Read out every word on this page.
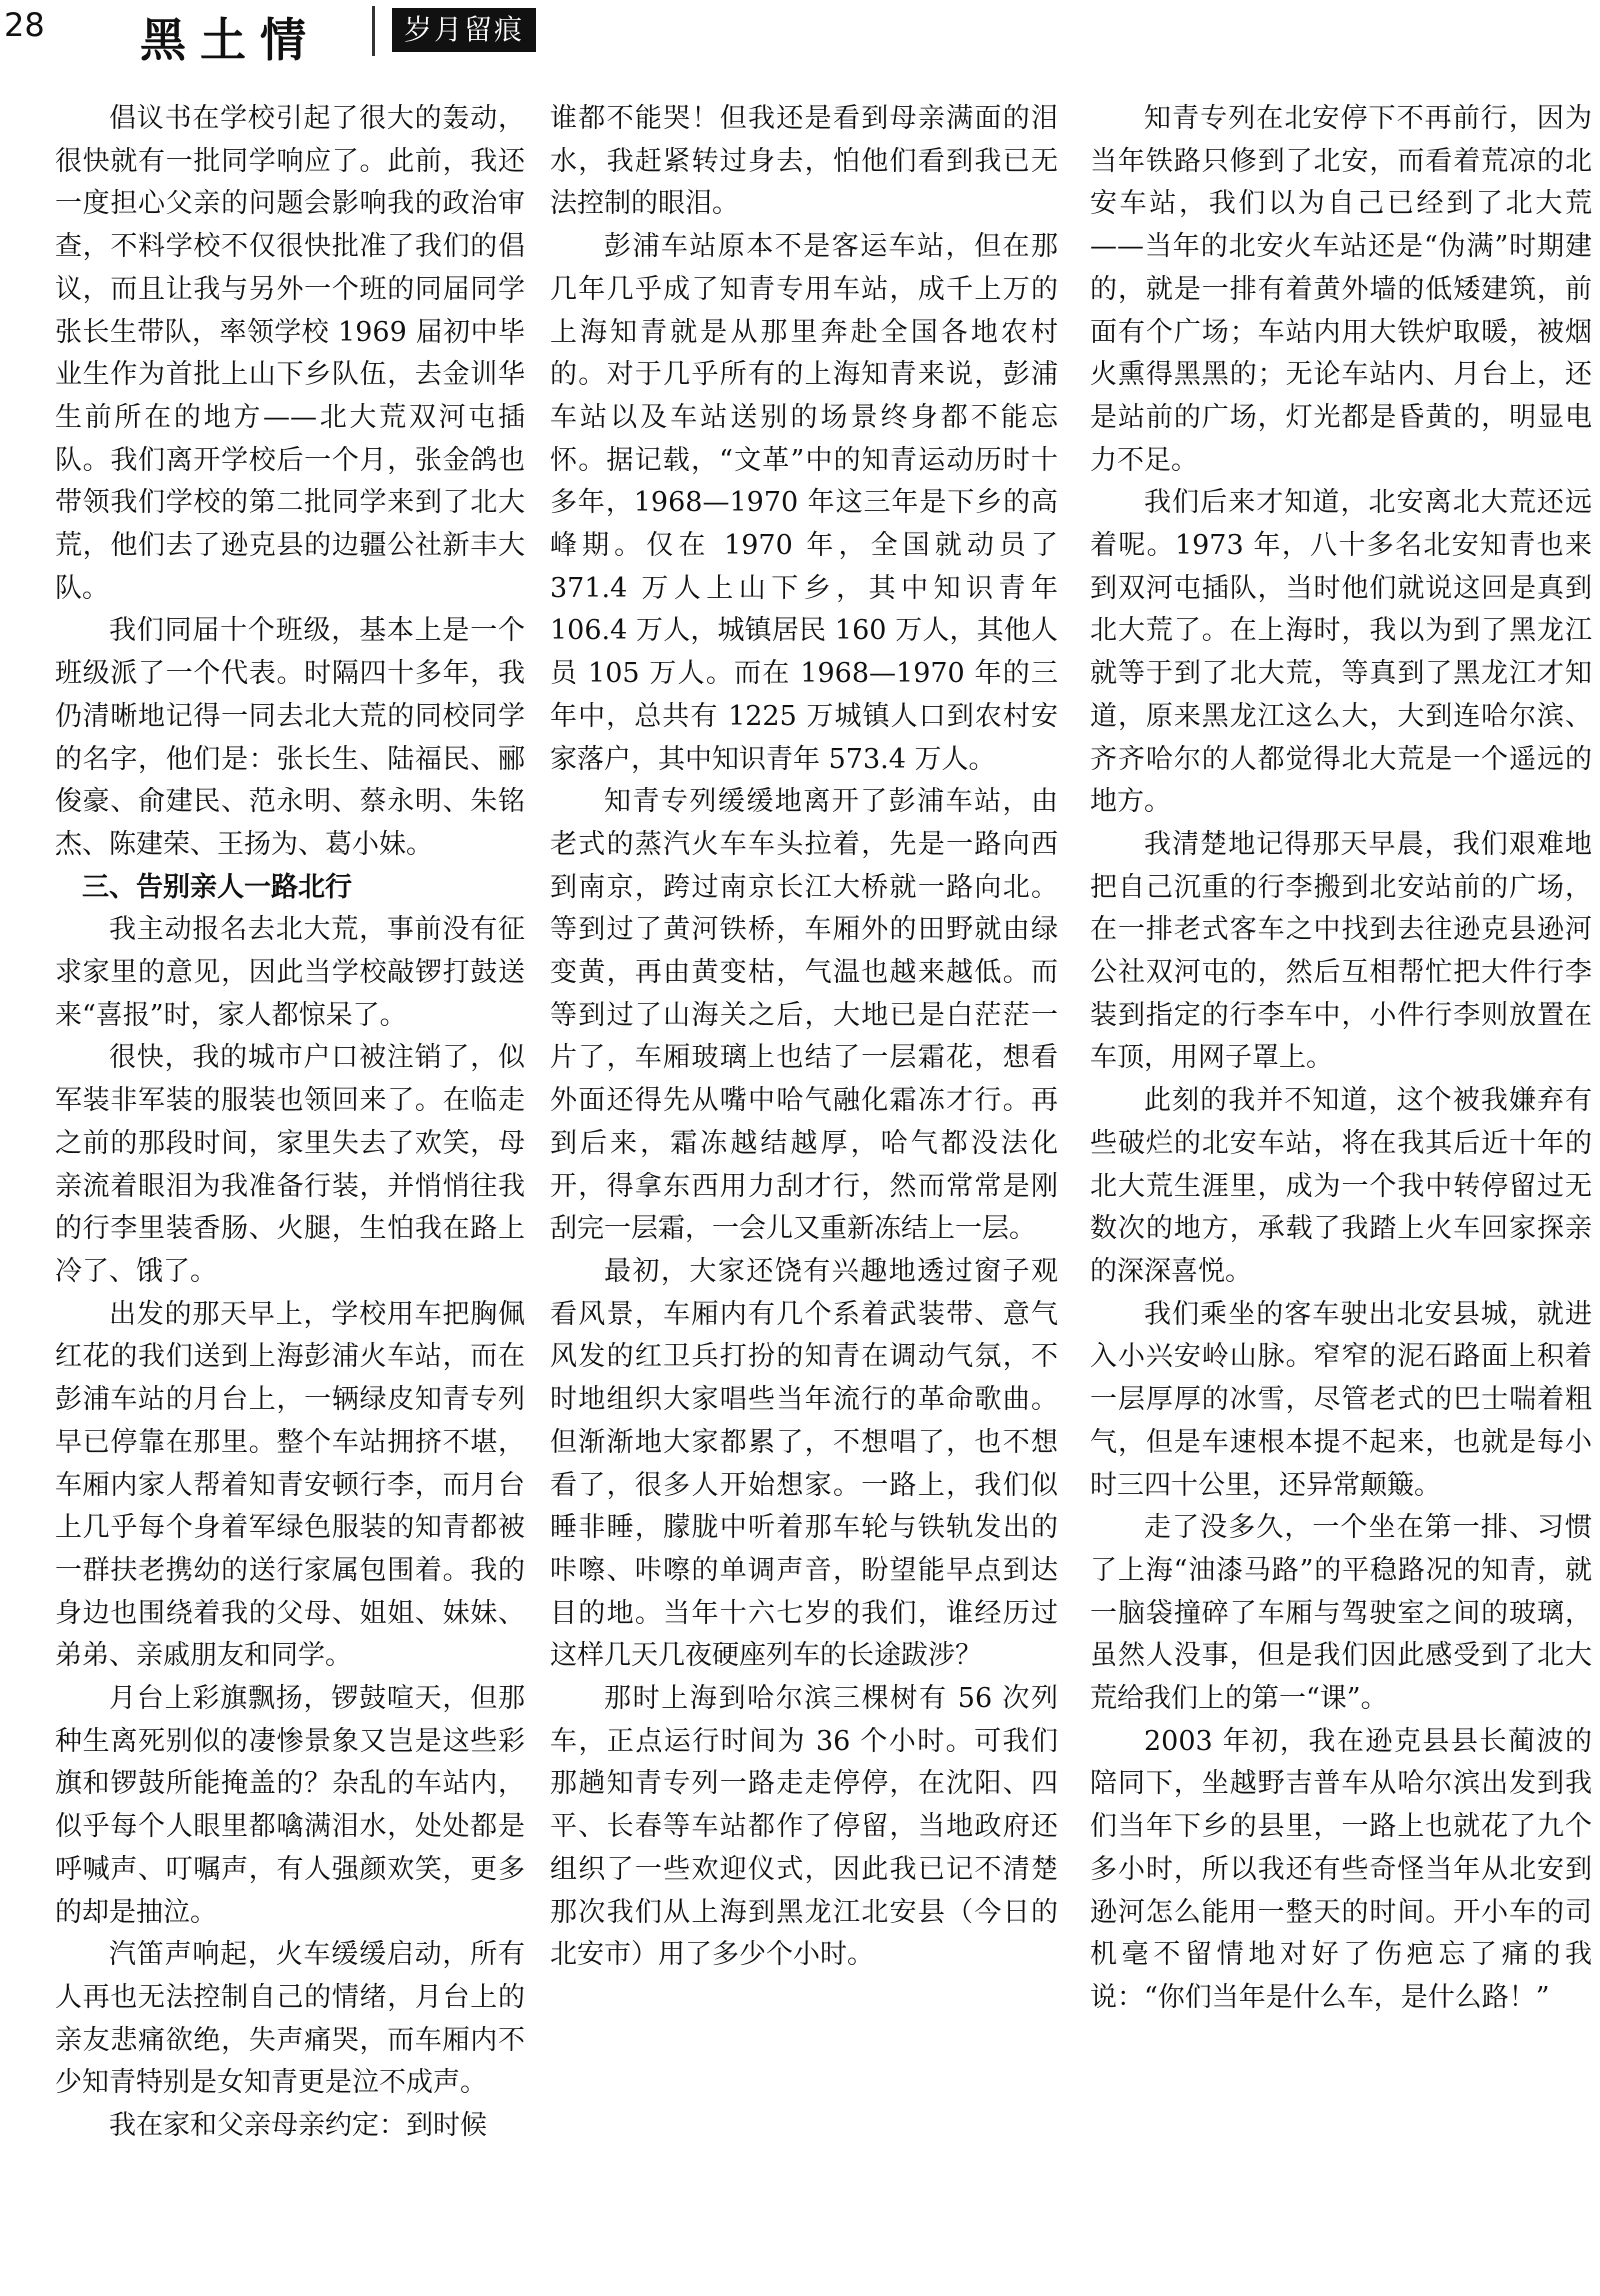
28 黑土情	岁月留痕

倡议书在学校引起了很大的轰动，很快就有一批同学响应了。此前，我还一度担心父亲的问题会影响我的政治审查，不料学校不仅很快批准了我们的倡议，而且让我与另外一个班的同届同学张长生带队，率领学校 1969 届初中毕业生作为首批上山下乡队伍，去金训华生前所在的地方——北大荒双河屯插队。我们离开学校后一个月，张金鸽也带领我们学校的第二批同学来到了北大荒，他们去了逊克县的边疆公社新丰大队。

我们同届十个班级，基本上是一个班级派了一个代表。时隔四十多年，我仍清晰地记得一同去北大荒的同校同学的名字，他们是：张长生、陆福民、郦俊豪、俞建民、范永明、蔡永明、朱铭杰、陈建荣、王扬为、葛小妹。

三、告别亲人一路北行

我主动报名去北大荒，事前没有征求家里的意见，因此当学校敲锣打鼓送来“喜报”时，家人都惊呆了。

很快，我的城市户口被注销了，似军装非军装的服装也领回来了。在临走之前的那段时间，家里失去了欢笑，母亲流着眼泪为我准备行装，并悄悄往我的行李里装香肠、火腿，生怕我在路上冷了、饿了。

出发的那天早上，学校用车把胸佩红花的我们送到上海彭浦火车站，而在彭浦车站的月台上，一辆绿皮知青专列早已停靠在那里。整个车站拥挤不堪，车厢内家人帮着知青安顿行李，而月台上几乎每个身着军绿色服装的知青都被一群扶老携幼的送行家属包围着。我的身边也围绕着我的父母、姐姐、妹妹、弟弟、亲戚朋友和同学。

月台上彩旗飘扬，锣鼓喧天，但那种生离死别似的凄惨景象又岂是这些彩旗和锣鼓所能掩盖的？杂乱的车站内，似乎每个人眼里都噙满泪水，处处都是呼喊声、叮嘱声，有人强颜欢笑，更多的却是抽泣。

汽笛声响起，火车缓缓启动，所有人再也无法控制自己的情绪，月台上的亲友悲痛欲绝，失声痛哭，而车厢内不少知青特别是女知青更是泣不成声。

我在家和父亲母亲约定：到时候

谁都不能哭！但我还是看到母亲满面的泪水，我赶紧转过身去，怕他们看到我已无法控制的眼泪。

彭浦车站原本不是客运车站，但在那几年几乎成了知青专用车站，成千上万的上海知青就是从那里奔赴全国各地农村的。对于几乎所有的上海知青来说，彭浦车站以及车站送别的场景终身都不能忘怀。据记载，“文革”中的知青运动历时十多年，1968—1970 年这三年是下乡的高峰期。仅在 1970 年，全国就动员了 371.4 万人上山下乡，其中知识青年 106.4 万人，城镇居民 160 万人，其他人员 105 万人。而在 1968—1970 年的三年中，总共有 1225 万城镇人口到农村安家落户，其中知识青年 573.4 万人。

知青专列缓缓地离开了彭浦车站，由老式的蒸汽火车车头拉着，先是一路向西到南京，跨过南京长江大桥就一路向北。等到过了黄河铁桥，车厢外的田野就由绿变黄，再由黄变枯，气温也越来越低。而等到过了山海关之后，大地已是白茫茫一片了，车厢玻璃上也结了一层霜花，想看外面还得先从嘴中哈气融化霜冻才行。再到后来，霜冻越结越厚，哈气都没法化开，得拿东西用力刮才行，然而常常是刚刮完一层霜，一会儿又重新冻结上一层。

最初，大家还饶有兴趣地透过窗子观看风景，车厢内有几个系着武装带、意气风发的红卫兵打扮的知青在调动气氛，不时地组织大家唱些当年流行的革命歌曲。但渐渐地大家都累了，不想唱了，也不想看了，很多人开始想家。一路上，我们似睡非睡，朦胧中听着那车轮与铁轨发出的咔嚓、咔嚓的单调声音，盼望能早点到达目的地。当年十六七岁的我们，谁经历过这样几天几夜硬座列车的长途跋涉？

那时上海到哈尔滨三棵树有 56 次列车，正点运行时间为 36 个小时。可我们那趟知青专列一路走走停停，在沈阳、四平、长春等车站都作了停留，当地政府还组织了一些欢迎仪式，因此我已记不清楚那次我们从上海到黑龙江北安县（今日的北安市）用了多少个小时。

知青专列在北安停下不再前行，因为当年铁路只修到了北安，而看着荒凉的北安车站，我们以为自己已经到了北大荒——当年的北安火车站还是“伪满”时期建的，就是一排有着黄外墙的低矮建筑，前面有个广场；车站内用大铁炉取暖，被烟火熏得黑黑的；无论车站内、月台上，还是站前的广场，灯光都是昏黄的，明显电力不足。

我们后来才知道，北安离北大荒还远着呢。1973 年，八十多名北安知青也来到双河屯插队，当时他们就说这回是真到北大荒了。在上海时，我以为到了黑龙江就等于到了北大荒，等真到了黑龙江才知道，原来黑龙江这么大，大到连哈尔滨、齐齐哈尔的人都觉得北大荒是一个遥远的地方。

我清楚地记得那天早晨，我们艰难地把自己沉重的行李搬到北安站前的广场，在一排老式客车之中找到去往逊克县逊河公社双河屯的，然后互相帮忙把大件行李装到指定的行李车中，小件行李则放置在车顶，用网子罩上。

此刻的我并不知道，这个被我嫌弃有些破烂的北安车站，将在我其后近十年的北大荒生涯里，成为一个我中转停留过无数次的地方，承载了我踏上火车回家探亲的深深喜悦。

我们乘坐的客车驶出北安县城，就进入小兴安岭山脉。窄窄的泥石路面上积着一层厚厚的冰雪，尽管老式的巴士喘着粗气，但是车速根本提不起来，也就是每小时三四十公里，还异常颠簸。

走了没多久，一个坐在第一排、习惯了上海“油漆马路”的平稳路况的知青，就一脑袋撞碎了车厢与驾驶室之间的玻璃，虽然人没事，但是我们因此感受到了北大荒给我们上的第一“课”。

2003 年初，我在逊克县县长蔺波的陪同下，坐越野吉普车从哈尔滨出发到我们当年下乡的县里，一路上也就花了九个多小时，所以我还有些奇怪当年从北安到逊河怎么能用一整天的时间。开小车的司机毫不留情地对好了伤疤忘了痛的我说：“你们当年是什么车，是什么路！”
